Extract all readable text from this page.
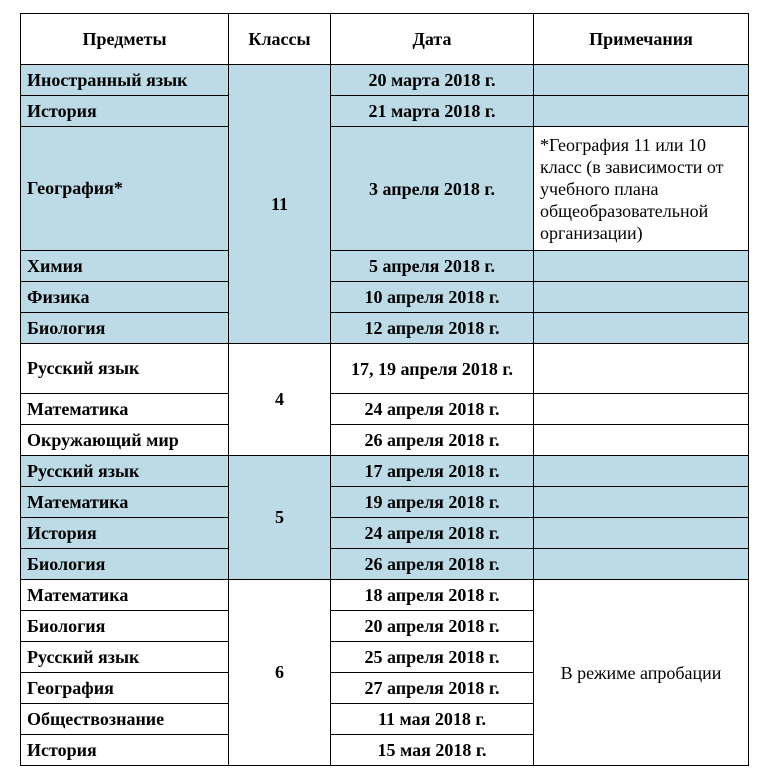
Предметы	Классы	Дата	Примечания
Иностранный язык	11	20 марта 2018 г.	
История		21 марта 2018 г.	
География*		3 апреля 2018 г.	*География 11 или 10 класс (в зависимости от учебного плана общеобразовательной организации)
Химия		5 апреля 2018 г.	
Физика		10 апреля 2018 г.	
Биология		12 апреля 2018 г.	
Русский язык	4	17, 19 апреля 2018 г.	
Математика		24 апреля 2018 г.	
Окружающий мир		26 апреля 2018 г.	
Русский язык	5	17 апреля 2018 г.	
Математика		19 апреля 2018 г.	
История		24 апреля 2018 г.	
Биология		26 апреля 2018 г.	
Математика	6	18 апреля 2018 г.	В режиме апробации
Биология		20 апреля 2018 г.	
Русский язык		25 апреля 2018 г.	
География		27 апреля 2018 г.	
Обществознание		11 мая 2018 г.	
История		15 мая 2018 г.	
